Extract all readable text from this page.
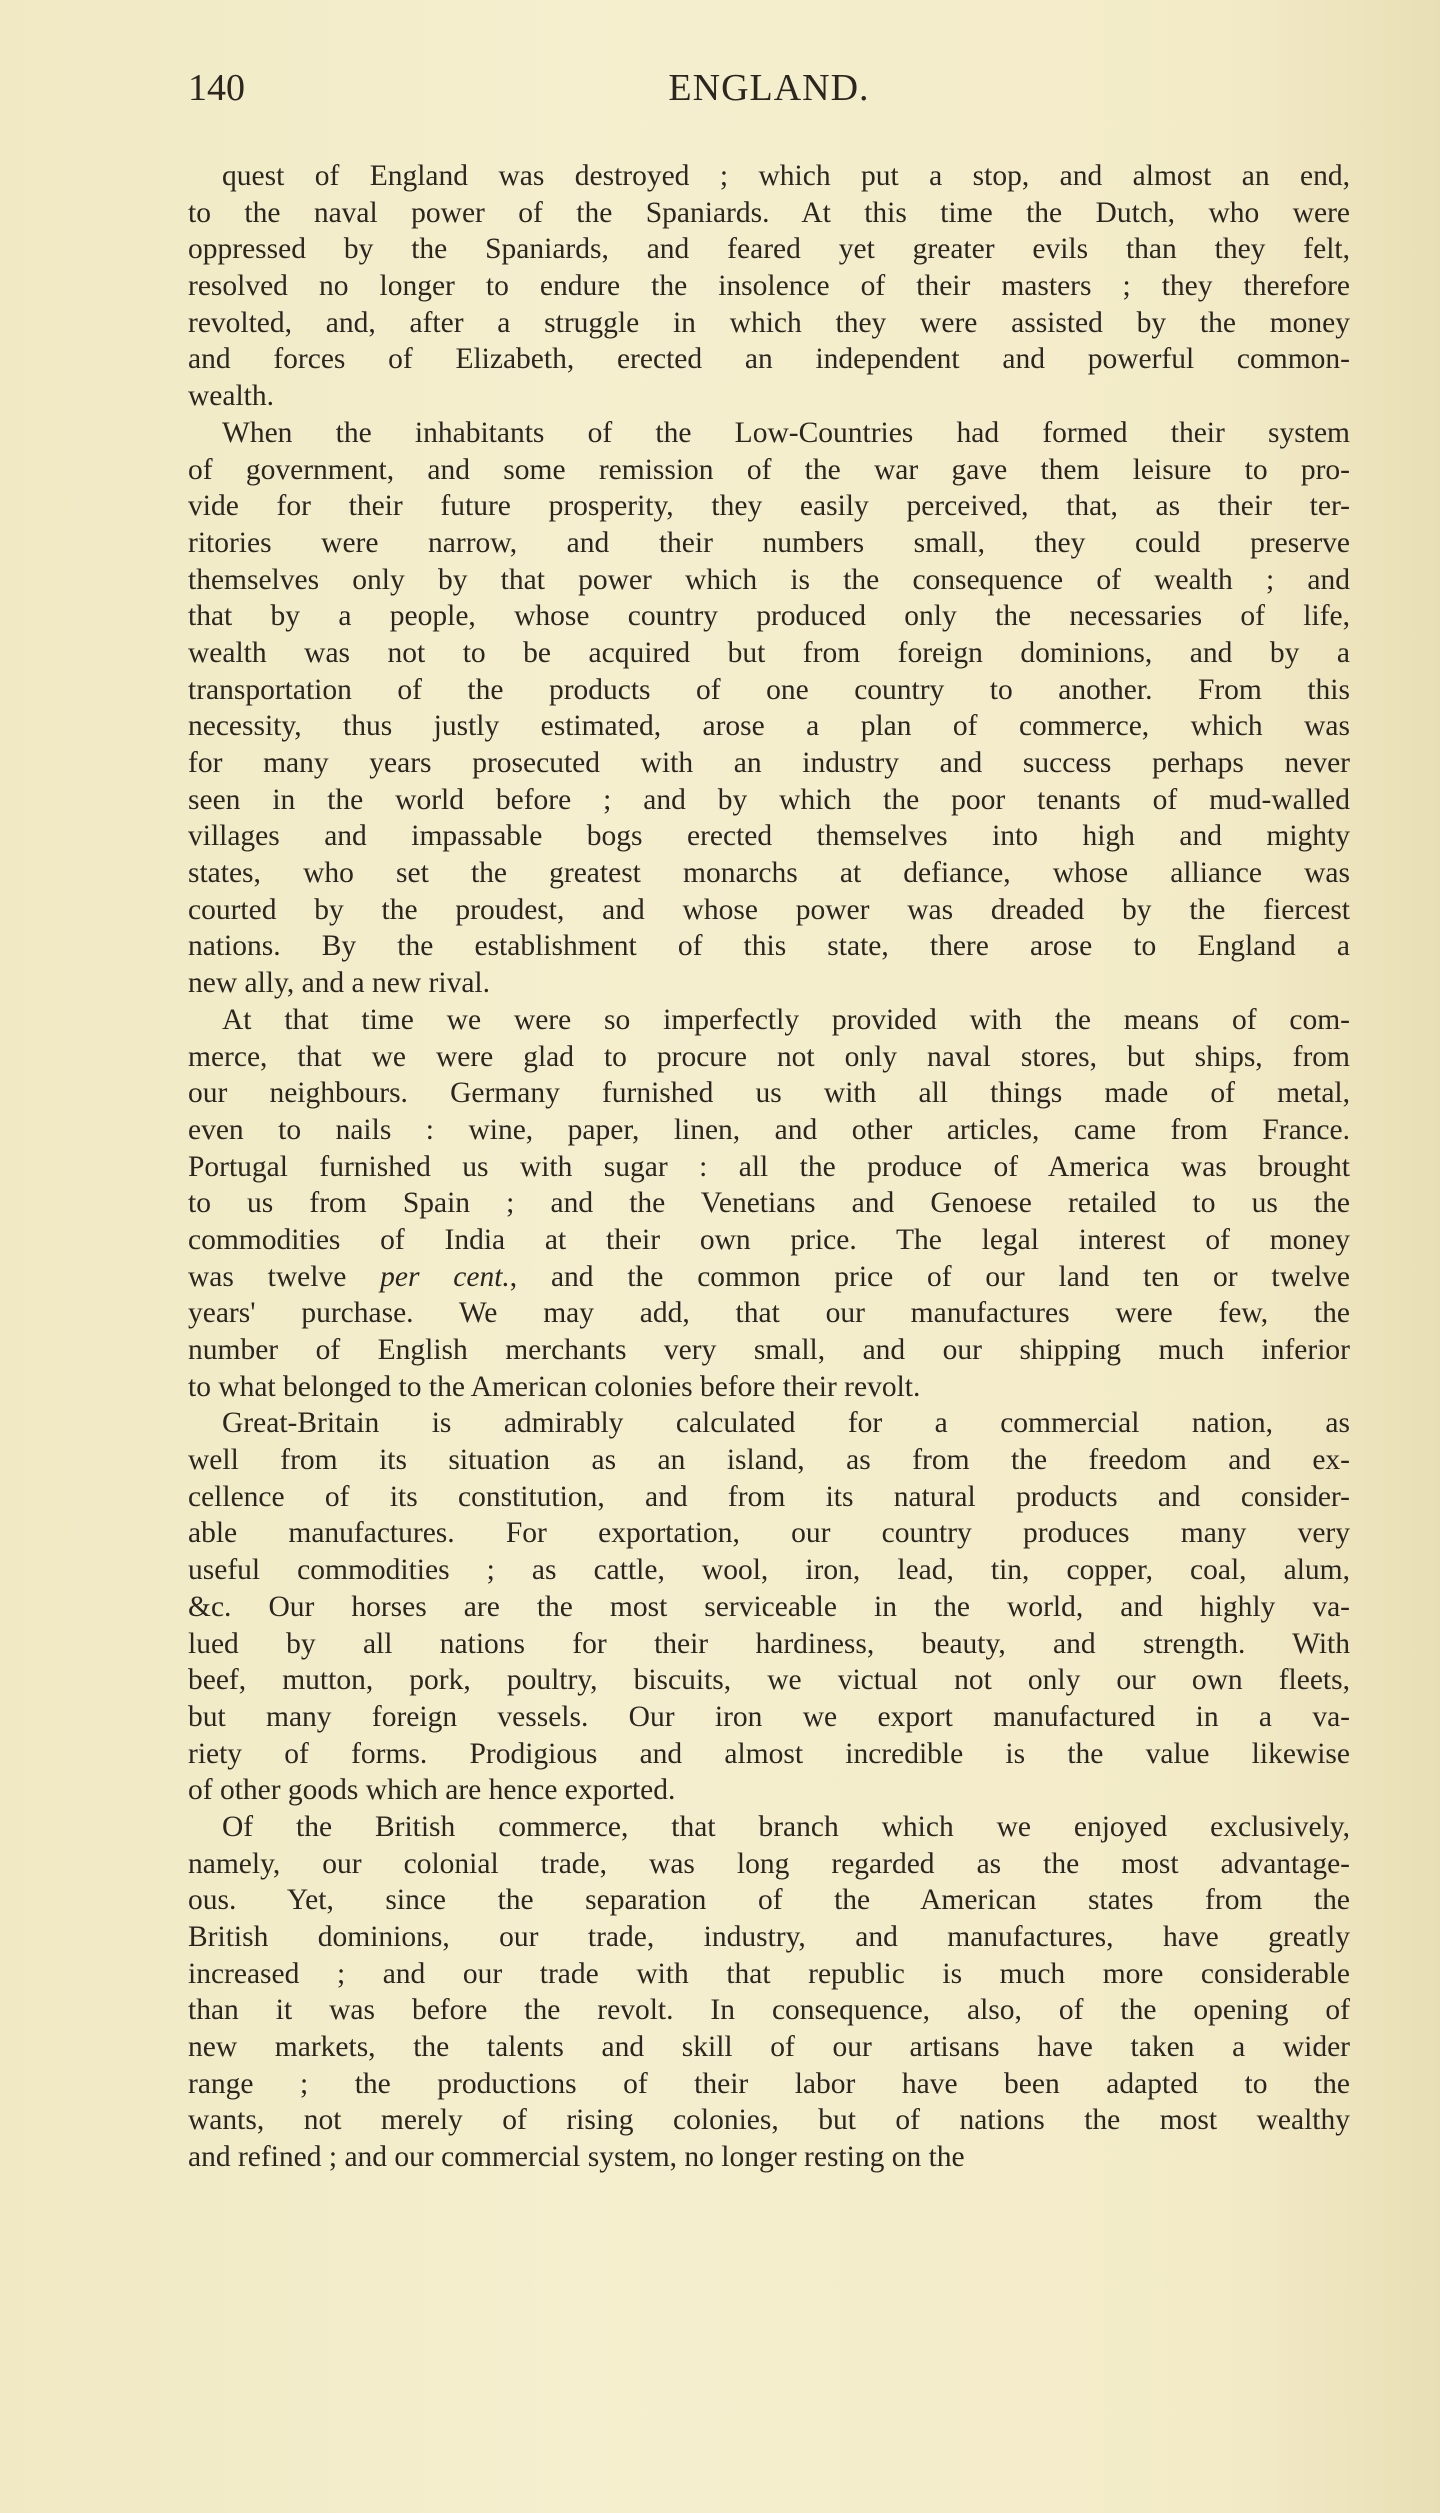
140	ENGLAND.
quest of England was destroyed ; which put a stop, and almost an end,
to the naval power of the Spaniards. At this time the Dutch, who were
oppressed by the Spaniards, and feared yet greater evils than they felt,
resolved no longer to endure the insolence of their masters ; they therefore
revolted, and, after a struggle in which they were assisted by the money
and forces of Elizabeth, erected an independent and powerful common-
wealth.
When the inhabitants of the Low-Countries had formed their system
of government, and some remission of the war gave them leisure to pro-
vide for their future prosperity, they easily perceived, that, as their ter-
ritories were narrow, and their numbers small, they could preserve
themselves only by that power which is the consequence of wealth ; and
that by a people, whose country produced only the necessaries of life,
wealth was not to be acquired but from foreign dominions, and by a
transportation of the products of one country to another. From this
necessity, thus justly estimated, arose a plan of commerce, which was
for many years prosecuted with an industry and success perhaps never
seen in the world before ; and by which the poor tenants of mud-walled
villages and impassable bogs erected themselves into high and mighty
states, who set the greatest monarchs at defiance, whose alliance was
courted by the proudest, and whose power was dreaded by the fiercest
nations. By the establishment of this state, there arose to England a
new ally, and a new rival.
At that time we were so imperfectly provided with the means of com-
merce, that we were glad to procure not only naval stores, but ships, from
our neighbours. Germany furnished us with all things made of metal,
even to nails : wine, paper, linen, and other articles, came from France.
Portugal furnished us with sugar : all the produce of America was brought
to us from Spain ; and the Venetians and Genoese retailed to us the
commodities of India at their own price. The legal interest of money
was twelve per cent., and the common price of our land ten or twelve
years' purchase. We may add, that our manufactures were few, the
number of English merchants very small, and our shipping much inferior
to what belonged to the American colonies before their revolt.
Great-Britain is admirably calculated for a commercial nation, as
well from its situation as an island, as from the freedom and ex-
cellence of its constitution, and from its natural products and consider-
able manufactures. For exportation, our country produces many very
useful commodities ; as cattle, wool, iron, lead, tin, copper, coal, alum,
&c. Our horses are the most serviceable in the world, and highly va-
lued by all nations for their hardiness, beauty, and strength. With
beef, mutton, pork, poultry, biscuits, we victual not only our own fleets,
but many foreign vessels. Our iron we export manufactured in a va-
riety of forms. Prodigious and almost incredible is the value likewise
of other goods which are hence exported.
Of the British commerce, that branch which we enjoyed exclusively,
namely, our colonial trade, was long regarded as the most advantage-
ous. Yet, since the separation of the American states from the
British dominions, our trade, industry, and manufactures, have greatly
increased ; and our trade with that republic is much more considerable
than it was before the revolt. In consequence, also, of the opening of
new markets, the talents and skill of our artisans have taken a wider
range ; the productions of their labor have been adapted to the
wants, not merely of rising colonies, but of nations the most wealthy
and refined ; and our commercial system, no longer resting on the
